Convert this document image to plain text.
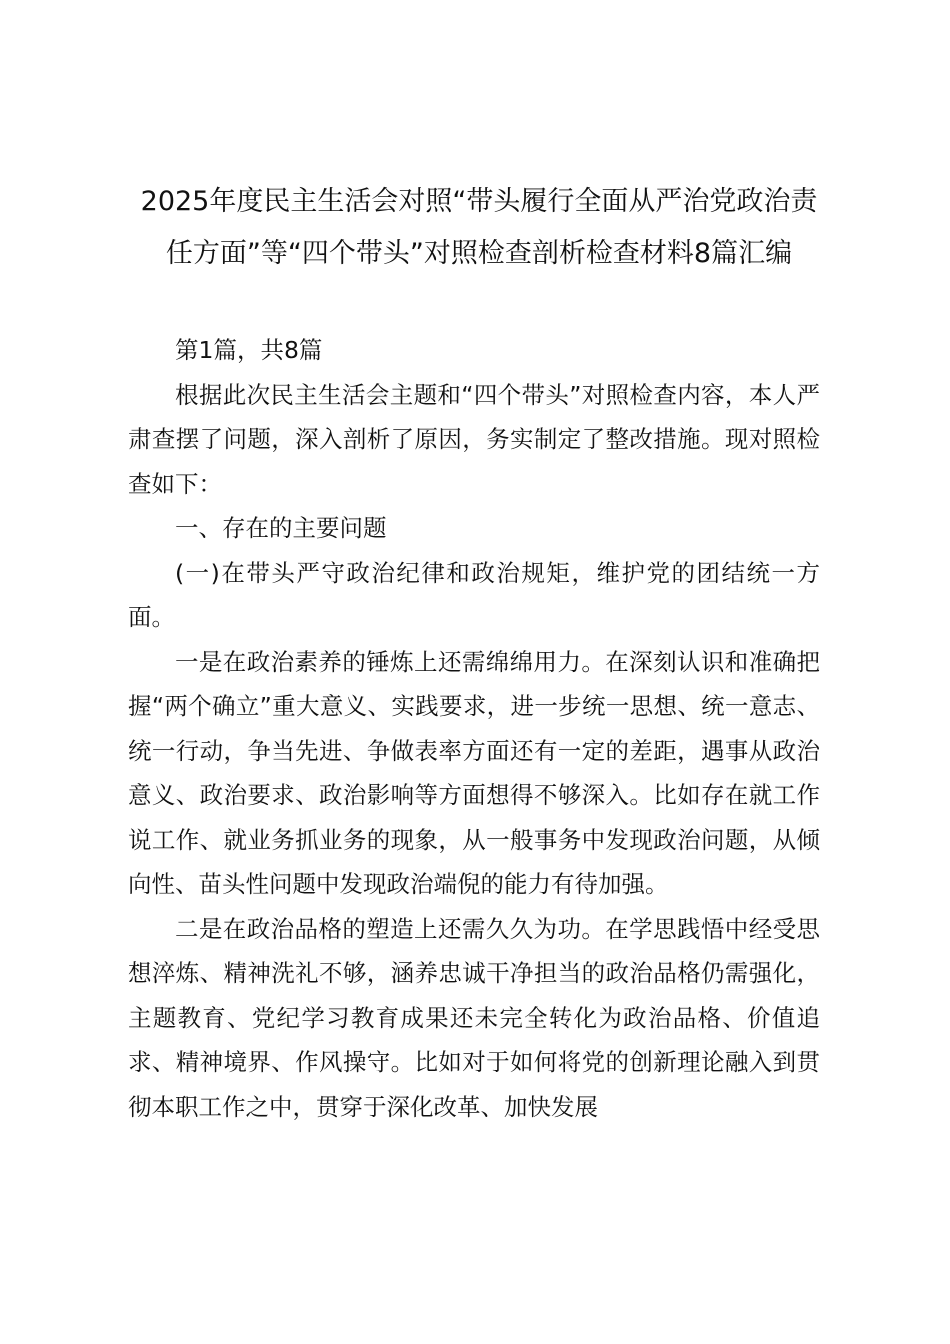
2025年度民主生活会对照“带头履行全面从严治党政治责任方面”等“四个带头”对照检查剖析检查材料8篇汇编

第1篇，共8篇

根据此次民主生活会主题和“四个带头”对照检查内容，本人严肃查摆了问题，深入剖析了原因，务实制定了整改措施。现对照检查如下：

一、存在的主要问题

(一)在带头严守政治纪律和政治规矩，维护党的团结统一方面。

一是在政治素养的锤炼上还需绵绵用力。在深刻认识和准确把握“两个确立”重大意义、实践要求，进一步统一思想、统一意志、统一行动，争当先进、争做表率方面还有一定的差距，遇事从政治意义、政治要求、政治影响等方面想得不够深入。比如存在就工作说工作、就业务抓业务的现象，从一般事务中发现政治问题，从倾向性、苗头性问题中发现政治端倪的能力有待加强。

二是在政治品格的塑造上还需久久为功。在学思践悟中经受思想淬炼、精神洗礼不够，涵养忠诚干净担当的政治品格仍需强化，主题教育、党纪学习教育成果还未完全转化为政治品格、价值追求、精神境界、作风操守。比如对于如何将党的创新理论融入到贯彻本职工作之中，贯穿于深化改革、加快发展
